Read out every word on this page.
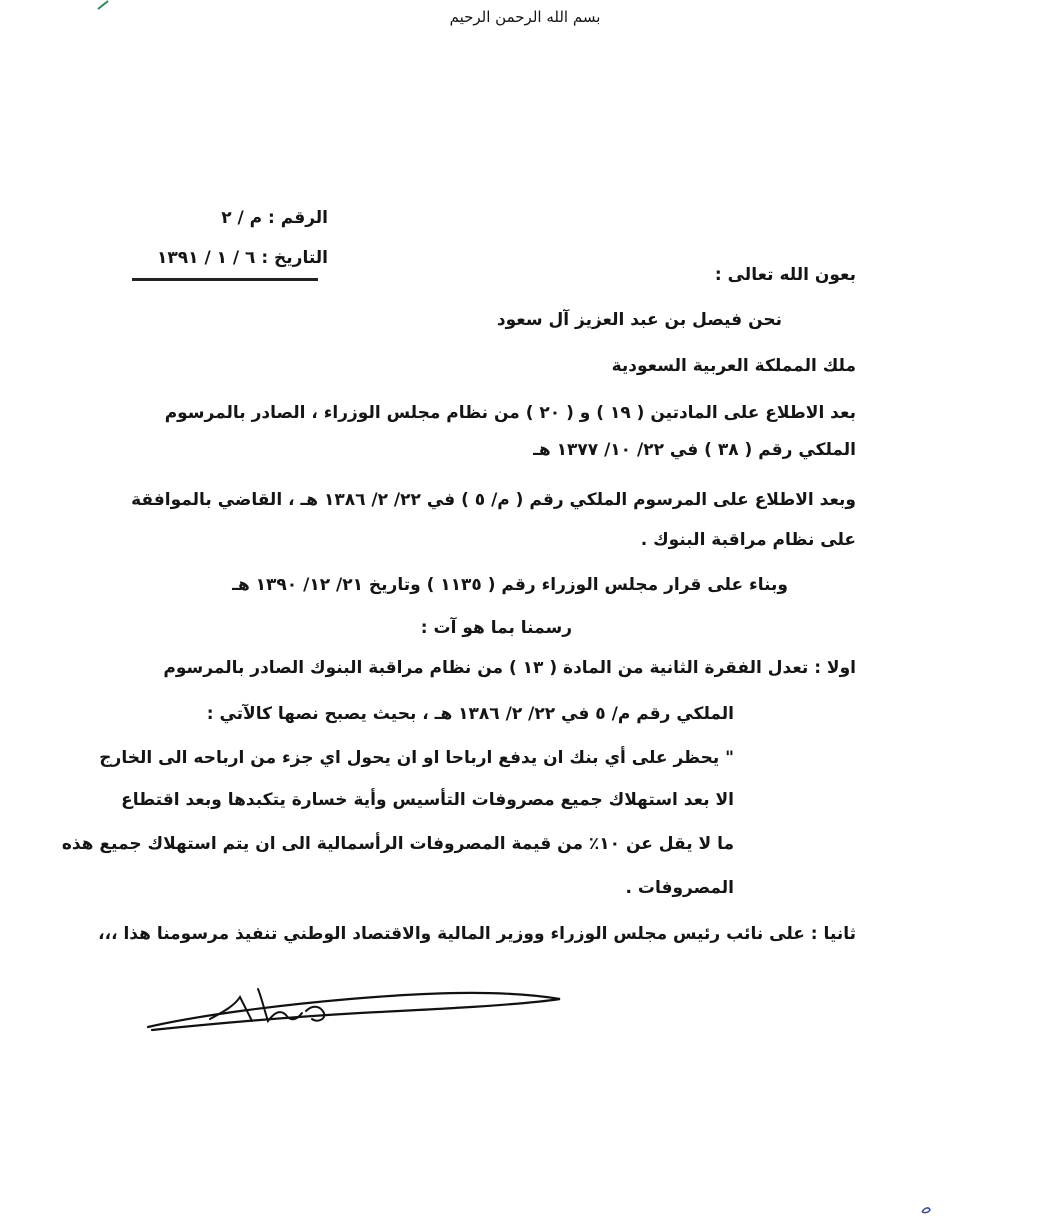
بسم الله الرحمن الرحيم
الرقم : م / ٢
التاريخ : ٦ / ١ / ١٣٩١
بعون الله تعالى :
نحن فيصل بن عبد العزيز آل سعود
ملك المملكة العربية السعودية
بعد الاطلاع على المادتين ( ١٩ ) و ( ٢٠ ) من نظام مجلس الوزراء ، الصادر بالمرسوم
الملكي رقم ( ٣٨ ) في ٢٢/ ١٠/ ١٣٧٧ هـ
وبعد الاطلاع على المرسوم الملكي رقم ( م/ ٥ ) في ٢٢/ ٢/ ١٣٨٦ هـ ، القاضي بالموافقة
على نظام مراقبة البنوك .
وبناء على قرار مجلس الوزراء رقم ( ١١٣٥ ) وتاريخ ٢١/ ١٢/ ١٣٩٠ هـ
رسمنا بما هو آت :
اولا : تعدل الفقرة الثانية من المادة ( ١٣ ) من نظام مراقبة البنوك الصادر بالمرسوم
الملكي رقم م/ ٥ في ٢٢/ ٢/ ١٣٨٦ هـ ، بحيث يصبح نصها كالآتي :
" يحظر على أي بنك ان يدفع ارباحا او ان يحول اي جزء من ارباحه الى الخارج
الا بعد استهلاك جميع مصروفات التأسيس وأية خسارة يتكبدها وبعد اقتطاع
ما لا يقل عن ١٠٪ من قيمة المصروفات الرأسمالية الى ان يتم استهلاك جميع هذه
المصروفات .
ثانيا : على نائب رئيس مجلس الوزراء ووزير المالية والاقتصاد الوطني تنفيذ مرسومنا هذا ،،،
